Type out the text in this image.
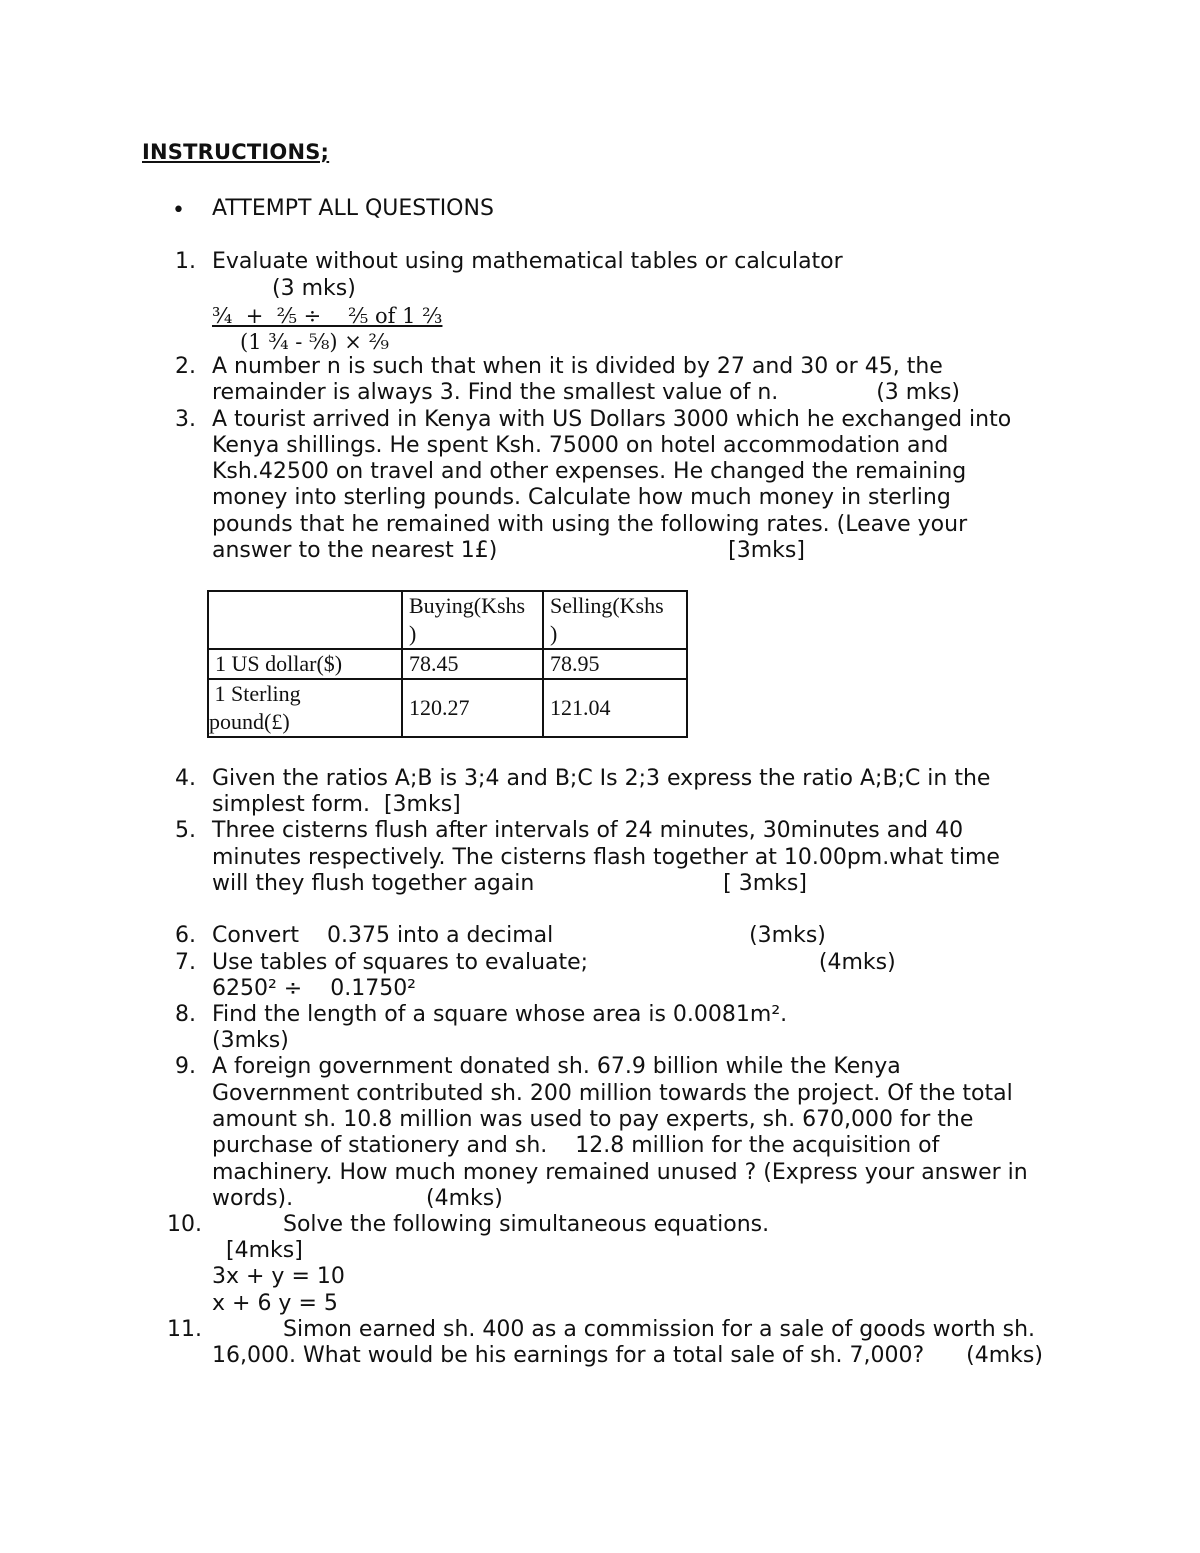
INSTRUCTIONS;
• ATTEMPT ALL QUESTIONS
1. Evaluate without using mathematical tables or calculator
(3 mks)
¾  +  ²⁄₅ ÷    ²⁄₅ of 1 ²⁄₃
(1 ¾ - ⁵⁄₈) × ²⁄₉
2. A number n is such that when it is divided by 27 and 30 or 45, the
remainder is always 3. Find the smallest value of n.              (3 mks)
3. A tourist arrived in Kenya with US Dollars 3000 which he exchanged into
Kenya shillings. He spent Ksh. 75000 on hotel accommodation and
Ksh.42500 on travel and other expenses. He changed the remaining
money into sterling pounds. Calculate how much money in sterling
pounds that he remained with using the following rates. (Leave your
answer to the nearest 1£)                                 [3mks]
	Buying(Kshs
)	Selling(Kshs
)
1 US dollar($)	78.45	78.95
1 Sterling
pound(£)	120.27	121.04
4. Given the ratios A;B is 3;4 and B;C Is 2;3 express the ratio A;B;C in the
simplest form.  [3mks]
5. Three cisterns flush after intervals of 24 minutes, 30minutes and 40
minutes respectively. The cisterns flash together at 10.00pm.what time
will they flush together again                           [ 3mks]
6. Convert    0.375 into a decimal                            (3mks)
7. Use tables of squares to evaluate;                                 (4mks)
6250² ÷    0.1750²
8. Find the length of a square whose area is 0.0081m².
(3mks)
9. A foreign government donated sh. 67.9 billion while the Kenya
Government contributed sh. 200 million towards the project. Of the total
amount sh. 10.8 million was used to pay experts, sh. 670,000 for the
purchase of stationery and sh.    12.8 million for the acquisition of
machinery. How much money remained unused ? (Express your answer in
words).                   (4mks)
10.	Solve the following simultaneous equations.
[4mks]
3x + y = 10
x + 6 y = 5
11.	Simon earned sh. 400 as a commission for a sale of goods worth sh.
16,000. What would be his earnings for a total sale of sh. 7,000?      (4mks)
